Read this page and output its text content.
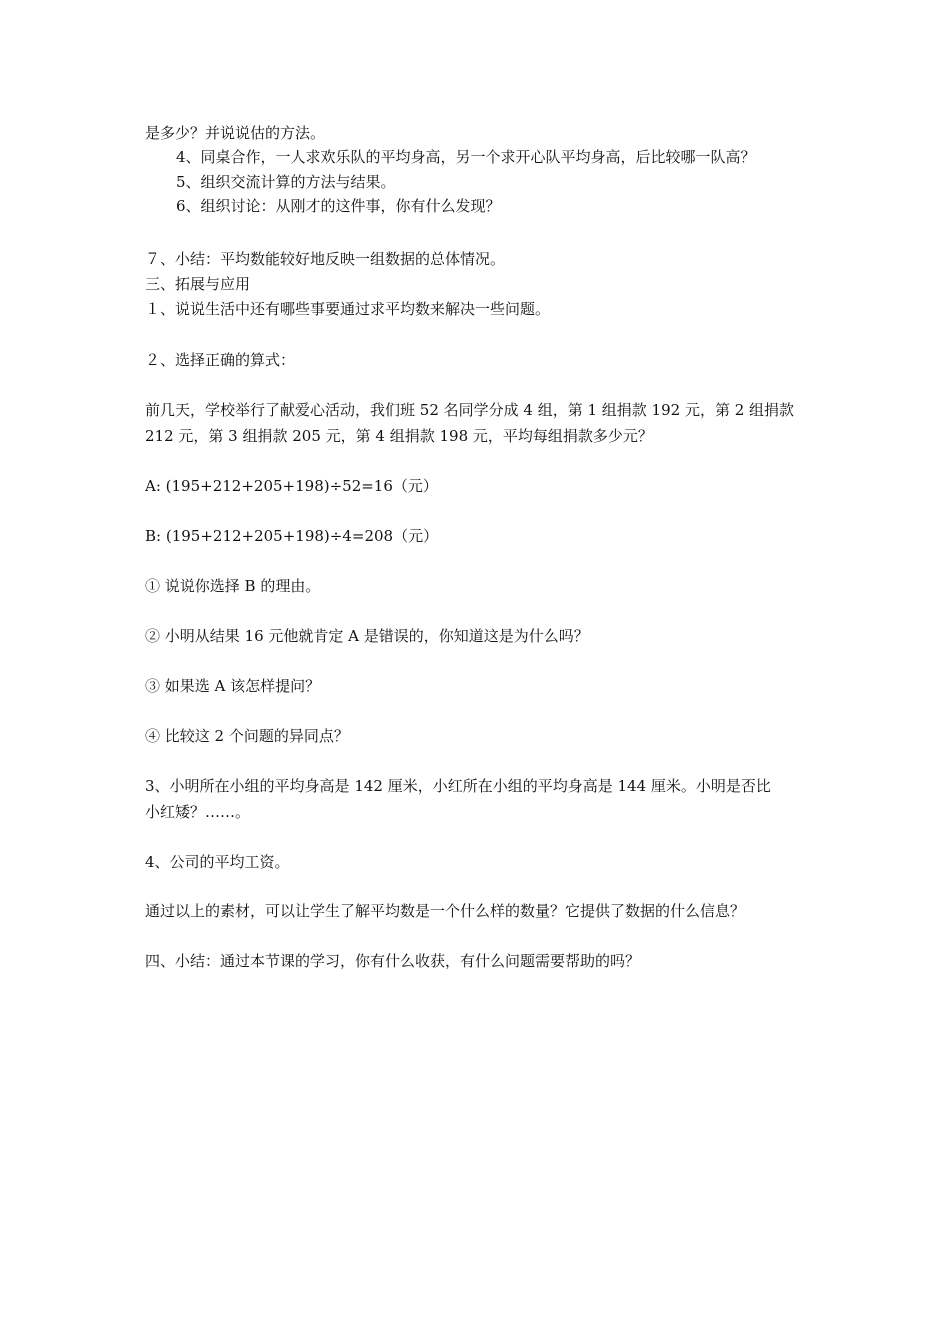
是多少？并说说估的方法。
4、同桌合作，一人求欢乐队的平均身高，另一个求开心队平均身高，后比较哪一队高？
5、组织交流计算的方法与结果。
6、组织讨论：从刚才的这件事，你有什么发现？
７、小结：平均数能较好地反映一组数据的总体情况。
三、拓展与应用
１、说说生活中还有哪些事要通过求平均数来解决一些问题。
２、选择正确的算式：
前几天，学校举行了献爱心活动，我们班 52 名同学分成 4 组，第 1 组捐款 192 元，第 2 组捐款
212 元，第 3 组捐款 205 元，第 4 组捐款 198 元，平均每组捐款多少元？
A: (195+212+205+198)÷52=16（元）
B: (195+212+205+198)÷4=208（元）
① 说说你选择 B 的理由。
② 小明从结果 16 元他就肯定 A 是错误的，你知道这是为什么吗？
③ 如果选 A 该怎样提问？
④ 比较这 2 个问题的异同点？
3、小明所在小组的平均身高是 142 厘米，小红所在小组的平均身高是 144 厘米。小明是否比
小红矮？……。
4、公司的平均工资。
通过以上的素材，可以让学生了解平均数是一个什么样的数量？它提供了数据的什么信息？
四、小结：通过本节课的学习，你有什么收获，有什么问题需要帮助的吗？
